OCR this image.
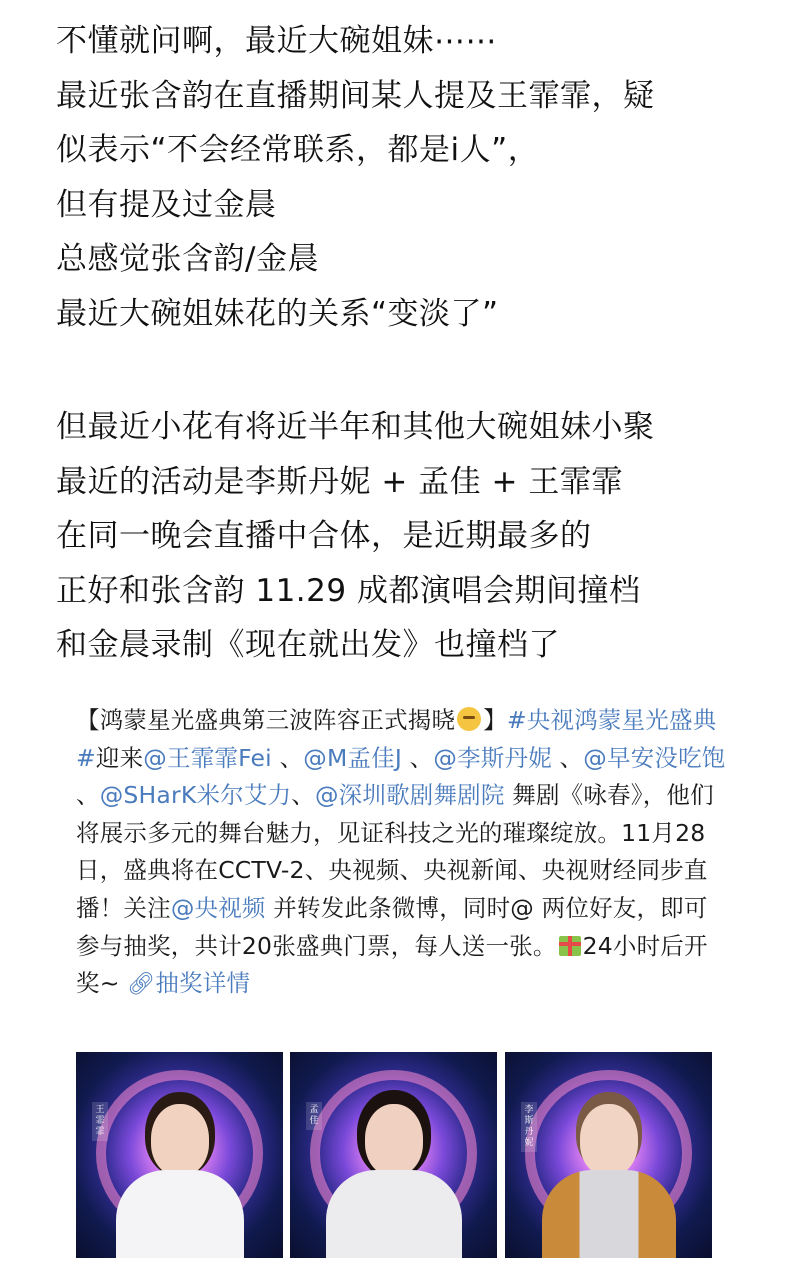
不懂就问啊，最近大碗姐妹⋯⋯
最近张含韵在直播期间某人提及王霏霏，疑
似表示“不会经常联系，都是i人”，
但有提及过金晨
总感觉张含韵/金晨
最近大碗姐妹花的关系“变淡了”
但最近小花有将近半年和其他大碗姐妹小聚
最近的活动是李斯丹妮 + 孟佳 + 王霏霏
在同一晚会直播中合体，是近期最多的
正好和张含韵 11.29 成都演唱会期间撞档
和金晨录制《现在就出发》也撞档了
【鸿蒙星光盛典第三波阵容正式揭晓 】#央视鸿蒙星光盛典#迎来@王霏霏Fei 、@M孟佳J 、@李斯丹妮 、@早安没吃饱 、@SHarK米尔艾力、@深圳歌剧舞剧院 舞剧《咏春》，他们将展示多元的舞台魅力，见证科技之光的璀璨绽放。11月28日，盛典将在CCTV-2、央视频、央视新闻、央视财经同步直播！关注@央视频 并转发此条微博，同时@ 两位好友，即可参与抽奖，共计20张盛典门票，每人送一张。 24小时后开奖~ 🔗︎抽奖详情
王霏霏
孟佳
李斯丹妮
